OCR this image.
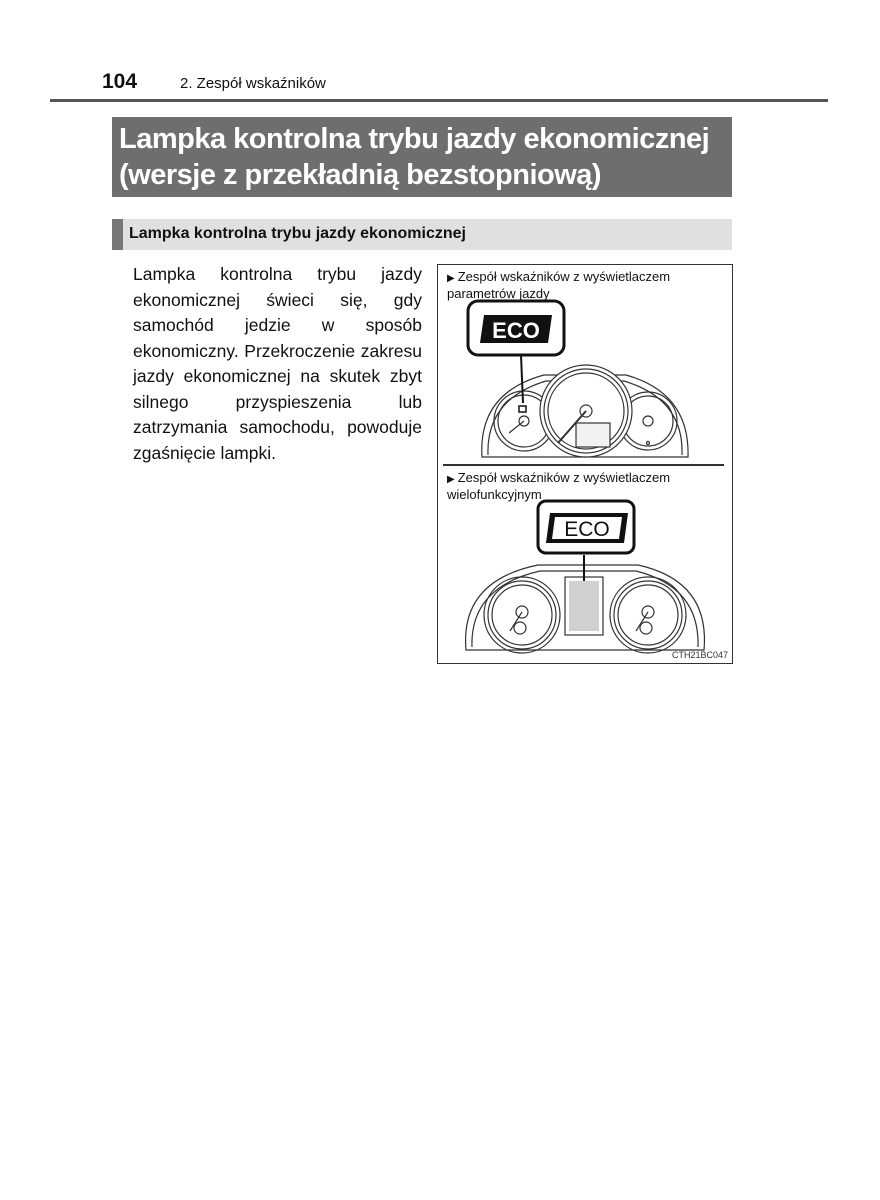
104	2. Zespół wskaźników
Lampka kontrolna trybu jazdy ekonomicznej
(wersje z przekładnią bezstopniową)
Lampka kontrolna trybu jazdy ekonomicznej
Lampka kontrolna trybu jazdy ekonomicznej świeci się, gdy samochód jedzie w sposób ekonomiczny. Przekroczenie zakresu jazdy ekonomicznej na skutek zbyt silnego przyspieszenia lub zatrzymania samochodu, powoduje zgaśnięcie lampki.
▶ Zespół wskaźników z wyświetlaczem
parametrów jazdy
ECO
ECO
▶ Zespół wskaźników z wyświetlaczem
wielofunkcyjnym
CTH21BC047
